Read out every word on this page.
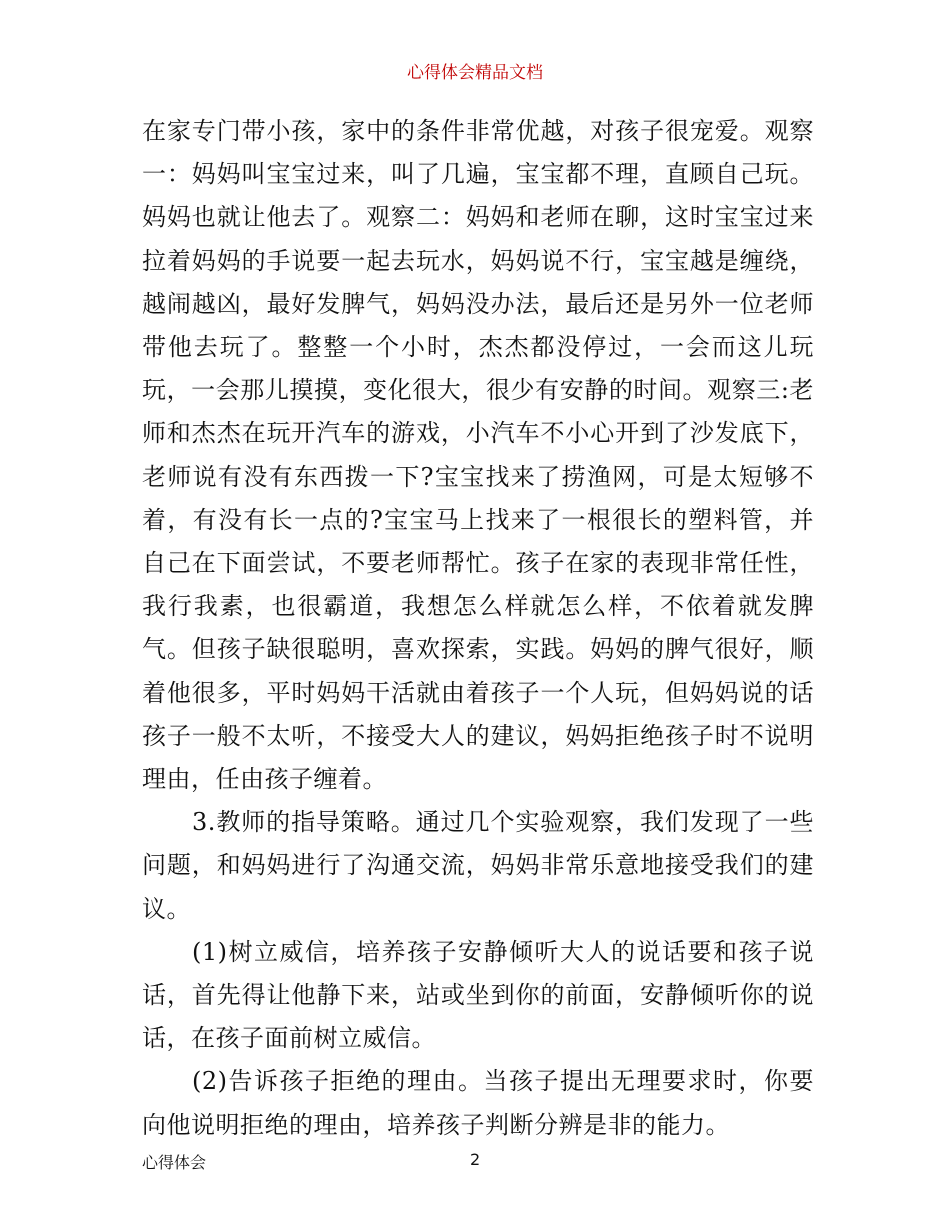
心得体会精品文档

在家专门带小孩，家中的条件非常优越，对孩子很宠爱。观察一：妈妈叫宝宝过来，叫了几遍，宝宝都不理，直顾自己玩。妈妈也就让他去了。观察二：妈妈和老师在聊，这时宝宝过来拉着妈妈的手说要一起去玩水，妈妈说不行，宝宝越是缠绕，越闹越凶，最好发脾气，妈妈没办法，最后还是另外一位老师带他去玩了。整整一个小时，杰杰都没停过，一会而这儿玩玩，一会那儿摸摸，变化很大，很少有安静的时间。观察三:老师和杰杰在玩开汽车的游戏，小汽车不小心开到了沙发底下，老师说有没有东西拨一下?宝宝找来了捞渔网，可是太短够不着，有没有长一点的?宝宝马上找来了一根很长的塑料管，并自己在下面尝试，不要老师帮忙。孩子在家的表现非常任性，我行我素，也很霸道，我想怎么样就怎么样，不依着就发脾气。但孩子缺很聪明，喜欢探索，实践。妈妈的脾气很好，顺着他很多，平时妈妈干活就由着孩子一个人玩，但妈妈说的话孩子一般不太听，不接受大人的建议，妈妈拒绝孩子时不说明理由，任由孩子缠着。

3.教师的指导策略。通过几个实验观察，我们发现了一些问题，和妈妈进行了沟通交流，妈妈非常乐意地接受我们的建议。

(1)树立威信，培养孩子安静倾听大人的说话要和孩子说话，首先得让他静下来，站或坐到你的前面，安静倾听你的说话，在孩子面前树立威信。

(2)告诉孩子拒绝的理由。当孩子提出无理要求时，你要向他说明拒绝的理由，培养孩子判断分辨是非的能力。

心得体会	2
